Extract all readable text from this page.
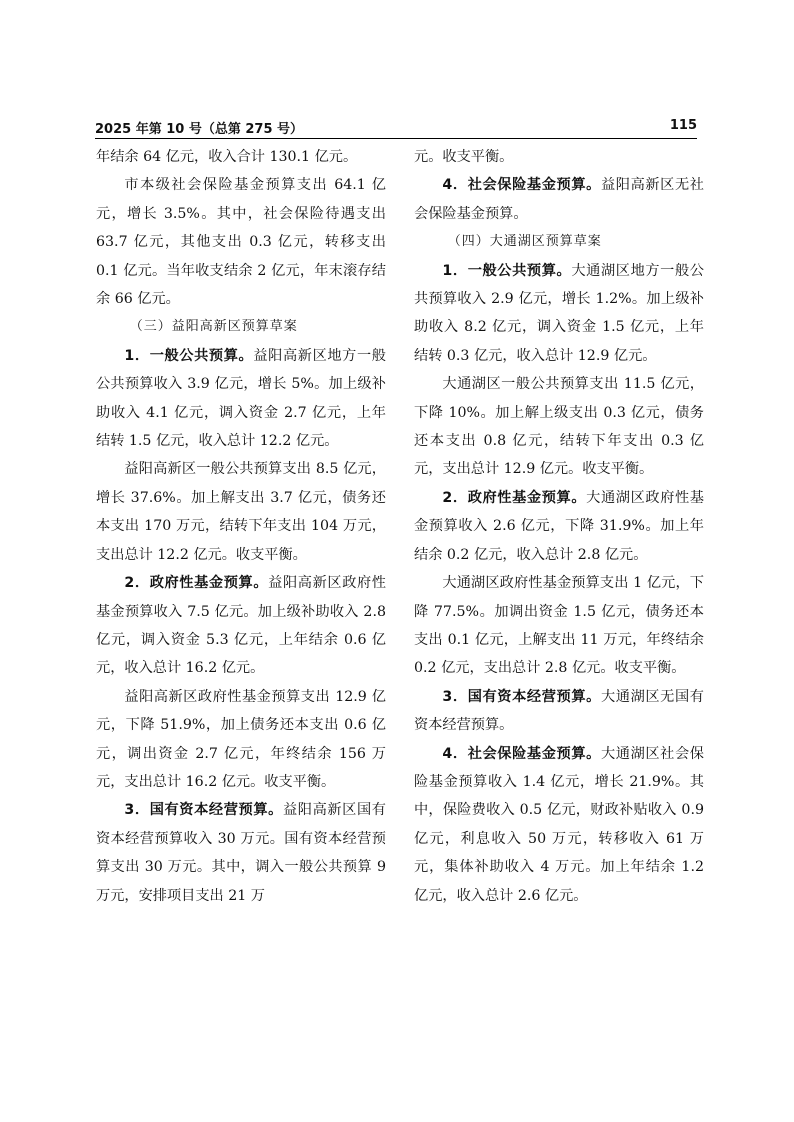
2025 年第 10 号（总第 275 号）	115

年结余 64 亿元，收入合计 130.1 亿元。

市本级社会保险基金预算支出 64.1 亿元，增长 3.5%。其中，社会保险待遇支出 63.7 亿元，其他支出 0.3 亿元，转移支出 0.1 亿元。当年收支结余 2 亿元，年末滚存结余 66 亿元。

（三）益阳高新区预算草案

1．一般公共预算。益阳高新区地方一般公共预算收入 3.9 亿元，增长 5%。加上级补助收入 4.1 亿元，调入资金 2.7 亿元，上年结转 1.5 亿元，收入总计 12.2 亿元。

益阳高新区一般公共预算支出 8.5 亿元，增长 37.6%。加上解支出 3.7 亿元，债务还本支出 170 万元，结转下年支出 104 万元，支出总计 12.2 亿元。收支平衡。

2．政府性基金预算。益阳高新区政府性基金预算收入 7.5 亿元。加上级补助收入 2.8 亿元，调入资金 5.3 亿元，上年结余 0.6 亿元，收入总计 16.2 亿元。

益阳高新区政府性基金预算支出 12.9 亿元，下降 51.9%，加上债务还本支出 0.6 亿元，调出资金 2.7 亿元，年终结余 156 万元，支出总计 16.2 亿元。收支平衡。

3．国有资本经营预算。益阳高新区国有资本经营预算收入 30 万元。国有资本经营预算支出 30 万元。其中，调入一般公共预算 9 万元，安排项目支出 21 万

元。收支平衡。

4．社会保险基金预算。益阳高新区无社会保险基金预算。

（四）大通湖区预算草案

1．一般公共预算。大通湖区地方一般公共预算收入 2.9 亿元，增长 1.2%。加上级补助收入 8.2 亿元，调入资金 1.5 亿元，上年结转 0.3 亿元，收入总计 12.9 亿元。

大通湖区一般公共预算支出 11.5 亿元，下降 10%。加上解上级支出 0.3 亿元，债务还本支出 0.8 亿元，结转下年支出 0.3 亿元，支出总计 12.9 亿元。收支平衡。

2．政府性基金预算。大通湖区政府性基金预算收入 2.6 亿元，下降 31.9%。加上年结余 0.2 亿元，收入总计 2.8 亿元。

大通湖区政府性基金预算支出 1 亿元，下降 77.5%。加调出资金 1.5 亿元，债务还本支出 0.1 亿元，上解支出 11 万元，年终结余 0.2 亿元，支出总计 2.8 亿元。收支平衡。

3．国有资本经营预算。大通湖区无国有资本经营预算。

4．社会保险基金预算。大通湖区社会保险基金预算收入 1.4 亿元，增长 21.9%。其中，保险费收入 0.5 亿元，财政补贴收入 0.9 亿元，利息收入 50 万元，转移收入 61 万元，集体补助收入 4 万元。加上年结余 1.2 亿元，收入总计 2.6 亿元。
